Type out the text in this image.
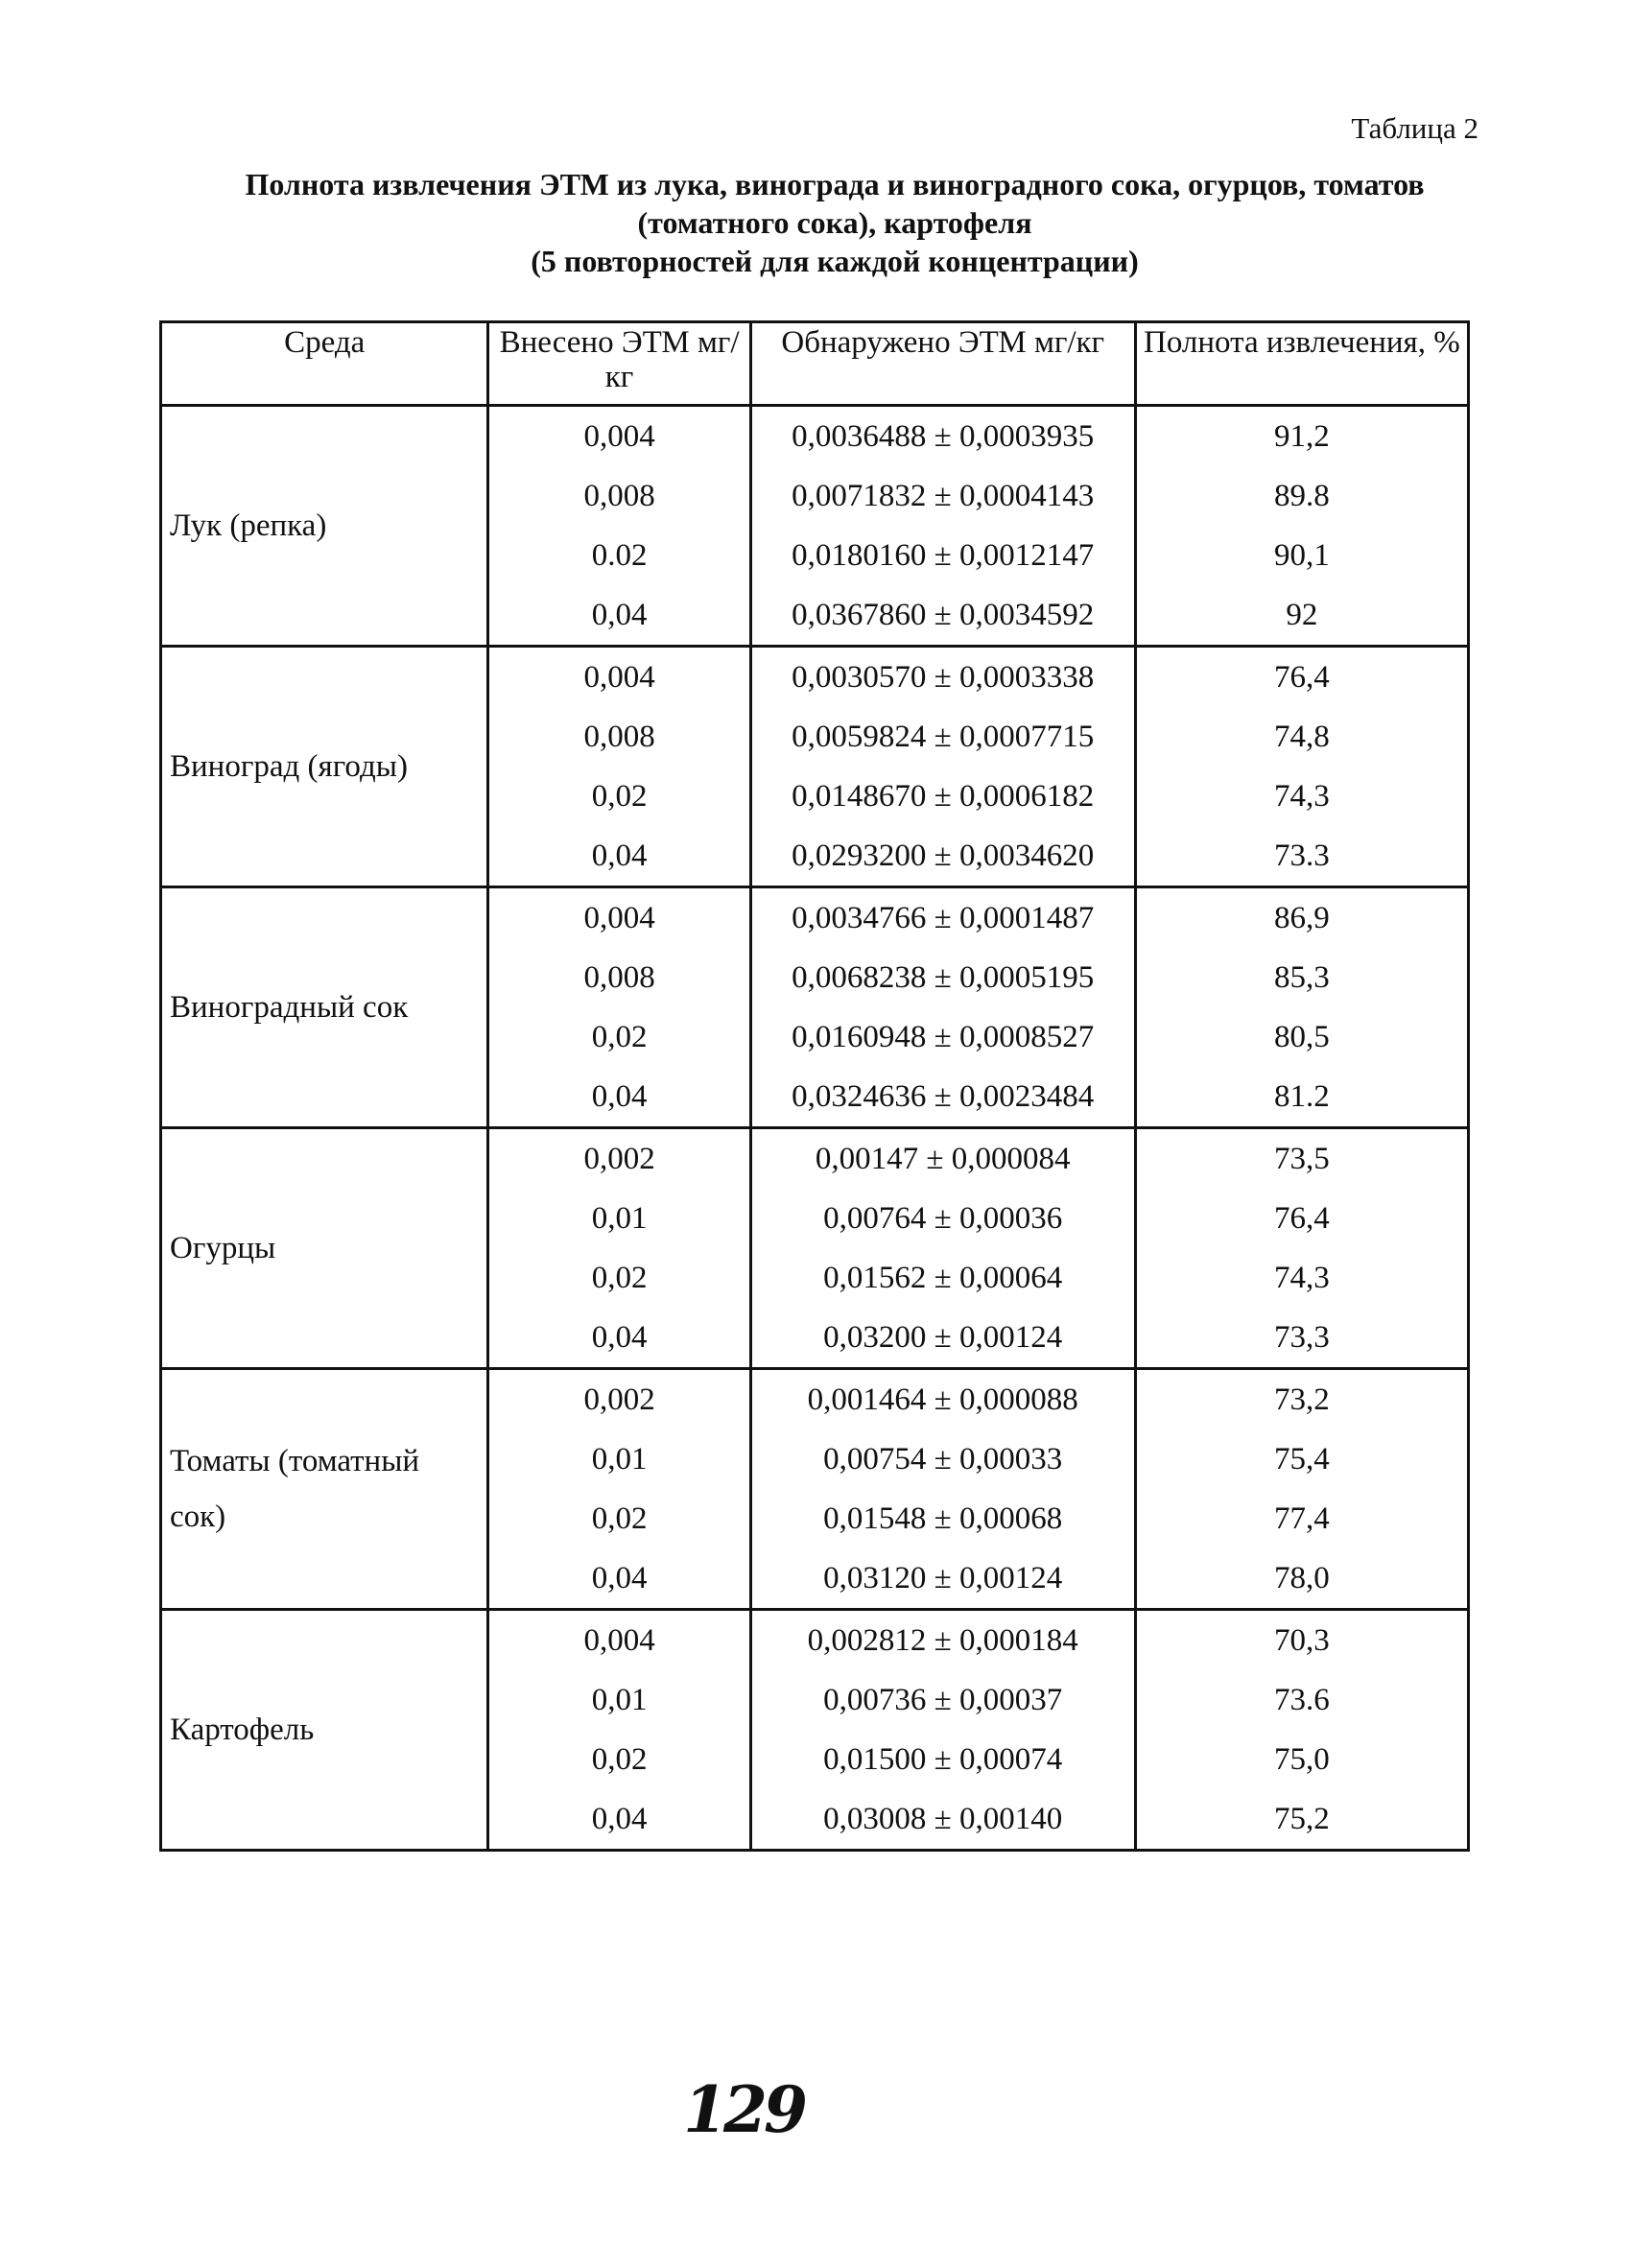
Таблица 2
Полнота извлечения ЭТМ из лука, винограда и виноградного сока, огурцов, томатов
(томатного сока), картофеля
(5 повторностей для каждой концентрации)
Среда	Внесено ЭТМ мг/кг	Обнаружено ЭТМ мг/кг	Полнота извлечения, %
Лук (репка)	0,004	0,0036488 ± 0,0003935	91,2
	0,008	0,0071832 ± 0,0004143	89.8
	0.02	0,0180160 ± 0,0012147	90,1
	0,04	0,0367860 ± 0,0034592	92
Виноград (ягоды)	0,004	0,0030570 ± 0,0003338	76,4
	0,008	0,0059824 ± 0,0007715	74,8
	0,02	0,0148670 ± 0,0006182	74,3
	0,04	0,0293200 ± 0,0034620	73.3
Виноградный сок	0,004	0,0034766 ± 0,0001487	86,9
	0,008	0,0068238 ± 0,0005195	85,3
	0,02	0,0160948 ± 0,0008527	80,5
	0,04	0,0324636 ± 0,0023484	81.2
Огурцы	0,002	0,00147 ± 0,000084	73,5
	0,01	0,00764 ± 0,00036	76,4
	0,02	0,01562 ± 0,00064	74,3
	0,04	0,03200 ± 0,00124	73,3
Томаты (томатный сок)	0,002	0,001464 ± 0,000088	73,2
	0,01	0,00754 ± 0,00033	75,4
	0,02	0,01548 ± 0,00068	77,4
	0,04	0,03120 ± 0,00124	78,0
Картофель	0,004	0,002812 ± 0,000184	70,3
	0,01	0,00736 ± 0,00037	73.6
	0,02	0,01500 ± 0,00074	75,0
	0,04	0,03008 ± 0,00140	75,2
129
